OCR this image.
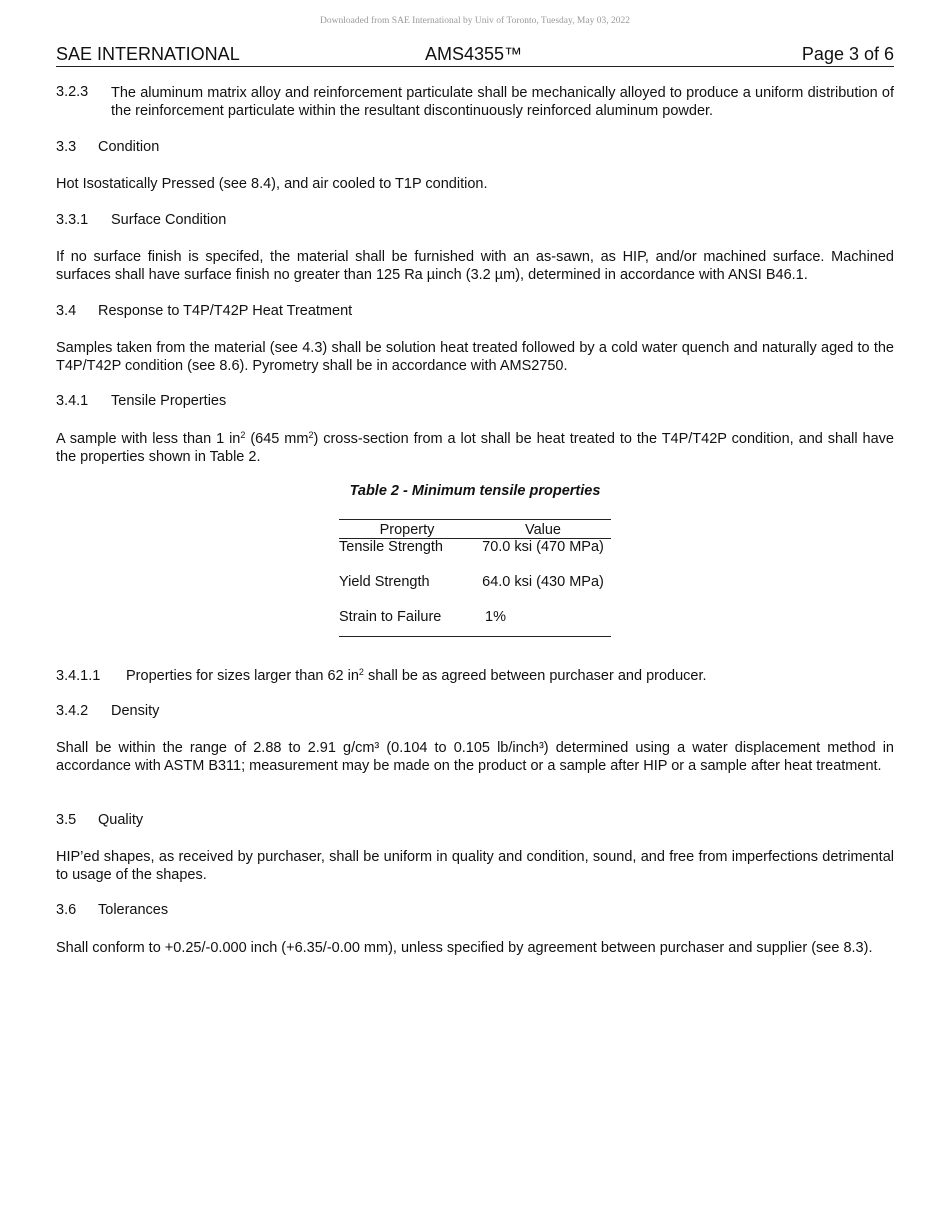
Downloaded from SAE International by Univ of Toronto, Tuesday, May 03, 2022
SAE INTERNATIONAL	AMS4355™	Page 3 of 6
3.2.3 The aluminum matrix alloy and reinforcement particulate shall be mechanically alloyed to produce a uniform distribution of the reinforcement particulate within the resultant discontinuously reinforced aluminum powder.

3.3 Condition

Hot Isostatically Pressed (see 8.4), and air cooled to T1P condition.

3.3.1 Surface Condition

If no surface finish is specifed, the material shall be furnished with an as-sawn, as HIP, and/or machined surface. Machined surfaces shall have surface finish no greater than 125 Ra µinch (3.2 µm), determined in accordance with ANSI B46.1.

3.4 Response to T4P/T42P Heat Treatment

Samples taken from the material (see 4.3) shall be solution heat treated followed by a cold water quench and naturally aged to the T4P/T42P condition (see 8.6). Pyrometry shall be in accordance with AMS2750.

3.4.1 Tensile Properties

A sample with less than 1 $in^2$ (645 $mm^2$) cross-section from a lot shall be heat treated to the T4P/T42P condition, and shall have the properties shown in Table 2.

Table 2 - Minimum tensile properties
Property	Value
Tensile Strength	70.0 ksi (470 MPa)
Yield Strength	64.0 ksi (430 MPa)
Strain to Failure	1%

3.4.1.1 Properties for sizes larger than 62 $in^2$ shall be as agreed between purchaser and producer.

3.4.2 Density

Shall be within the range of 2.88 to 2.91 g/cm³ (0.104 to 0.105 lb/inch³) determined using a water displacement method in accordance with ASTM B311; measurement may be made on the product or a sample after HIP or a sample after heat treatment.

3.5 Quality

HIP’ed shapes, as received by purchaser, shall be uniform in quality and condition, sound, and free from imperfections detrimental to usage of the shapes.

3.6 Tolerances

Shall conform to +0.25/-0.000 inch (+6.35/-0.00 mm), unless specified by agreement between purchaser and supplier (see 8.3).
